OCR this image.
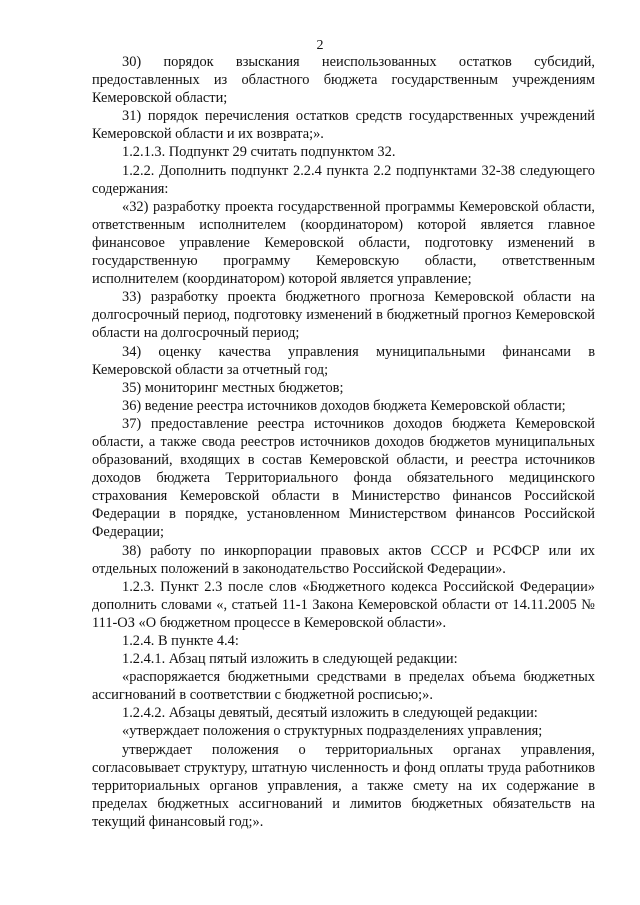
2

30) порядок взыскания неиспользованных остатков субсидий, предоставленных из областного бюджета государственным учреждениям Кемеровской области;

31) порядок перечисления остатков средств государственных учреждений Кемеровской области и их возврата;».

1.2.1.3. Подпункт 29 считать подпунктом 32.

1.2.2. Дополнить подпункт 2.2.4 пункта 2.2 подпунктами 32-38 следующего содержания:

«32) разработку проекта государственной программы Кемеровской области, ответственным исполнителем (координатором) которой является главное финансовое управление Кемеровской области, подготовку изменений в государственную программу Кемеровскую области, ответственным исполнителем (координатором) которой является управление;

33) разработку проекта бюджетного прогноза Кемеровской области на долгосрочный период, подготовку изменений в бюджетный прогноз Кемеровской области на долгосрочный период;

34) оценку качества управления муниципальными финансами в Кемеровской области за отчетный год;

35) мониторинг местных бюджетов;

36) ведение реестра источников доходов бюджета Кемеровской области;

37) предоставление реестра источников доходов бюджета Кемеровской области, а также свода реестров источников доходов бюджетов муниципальных образований, входящих в состав Кемеровской области, и реестра источников доходов бюджета Территориального фонда обязательного медицинского страхования Кемеровской области в Министерство финансов Российской Федерации в порядке, установленном Министерством финансов Российской Федерации;

38) работу по инкорпорации правовых актов СССР и РСФСР или их отдельных положений в законодательство Российской Федерации».

1.2.3. Пункт 2.3 после слов «Бюджетного кодекса Российской Федерации» дополнить словами «, статьей 11-1 Закона Кемеровской области от 14.11.2005 № 111-ОЗ «О бюджетном процессе в Кемеровской области».

1.2.4. В пункте 4.4:

1.2.4.1. Абзац пятый изложить в следующей редакции:

«распоряжается бюджетными средствами в пределах объема бюджетных ассигнований в соответствии с бюджетной росписью;».

1.2.4.2. Абзацы девятый, десятый изложить в следующей редакции:

«утверждает положения о структурных подразделениях управления;

утверждает положения о территориальных органах управления, согласовывает структуру, штатную численность и фонд оплаты труда работников территориальных органов управления, а также смету на их содержание в пределах бюджетных ассигнований и лимитов бюджетных обязательств на текущий финансовый год;».
